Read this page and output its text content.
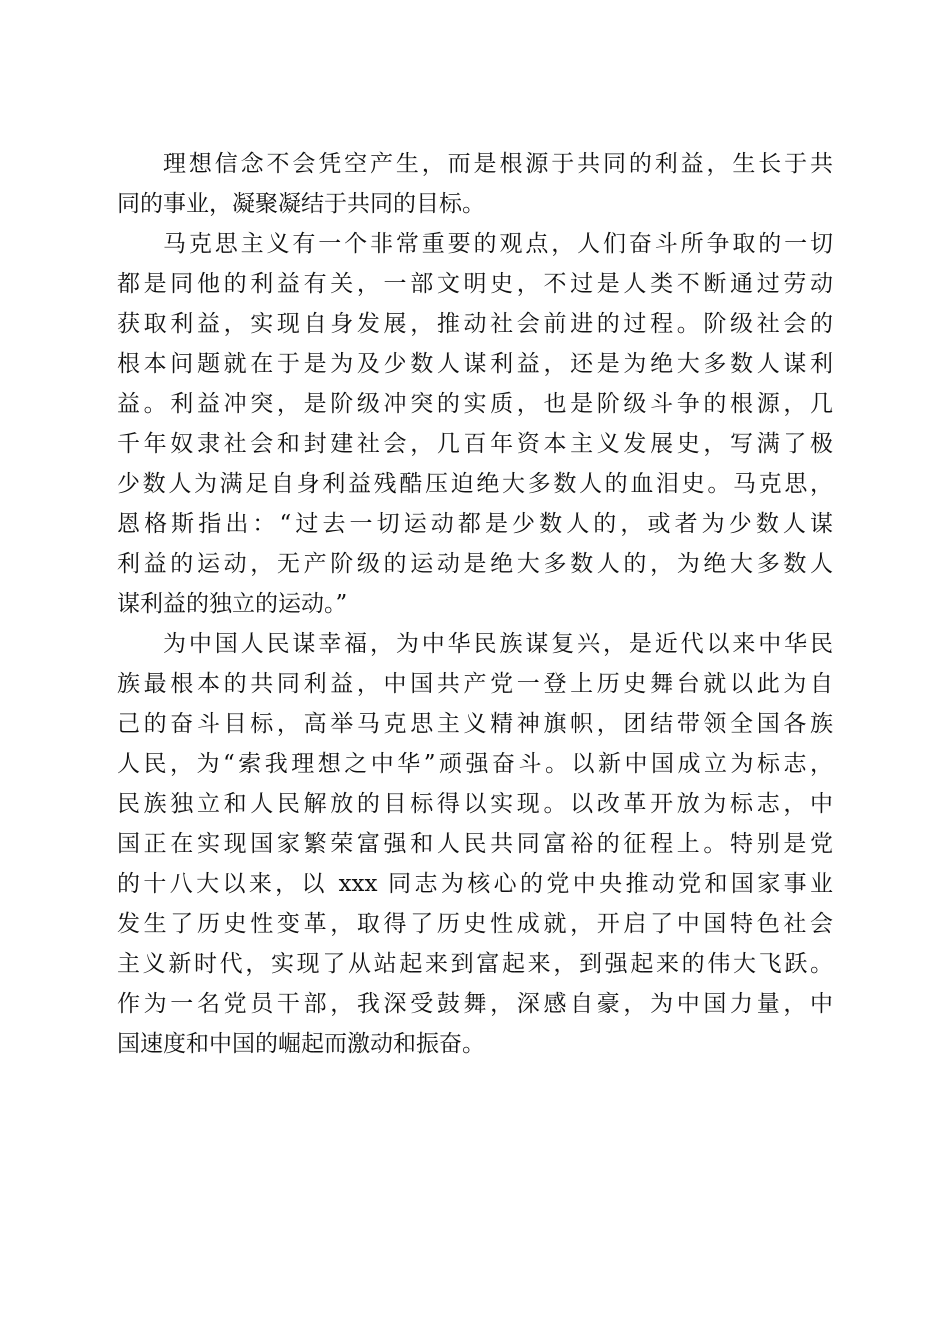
理想信念不会凭空产生，而是根源于共同的利益，生长于共
同的事业，凝聚凝结于共同的目标。
马克思主义有一个非常重要的观点，人们奋斗所争取的一切
都是同他的利益有关，一部文明史，不过是人类不断通过劳动
获取利益，实现自身发展，推动社会前进的过程。阶级社会的
根本问题就在于是为及少数人谋利益，还是为绝大多数人谋利
益。利益冲突，是阶级冲突的实质，也是阶级斗争的根源，几
千年奴隶社会和封建社会，几百年资本主义发展史，写满了极
少数人为满足自身利益残酷压迫绝大多数人的血泪史。马克思，
恩格斯指出：“过去一切运动都是少数人的，或者为少数人谋
利益的运动，无产阶级的运动是绝大多数人的，为绝大多数人
谋利益的独立的运动。”
为中国人民谋幸福，为中华民族谋复兴，是近代以来中华民
族最根本的共同利益，中国共产党一登上历史舞台就以此为自
己的奋斗目标，高举马克思主义精神旗帜，团结带领全国各族
人民，为“索我理想之中华”顽强奋斗。以新中国成立为标志，
民族独立和人民解放的目标得以实现。以改革开放为标志，中
国正在实现国家繁荣富强和人民共同富裕的征程上。特别是党
的十八大以来，以 xxx 同志为核心的党中央推动党和国家事业
发生了历史性变革，取得了历史性成就，开启了中国特色社会
主义新时代，实现了从站起来到富起来，到强起来的伟大飞跃。
作为一名党员干部，我深受鼓舞，深感自豪，为中国力量，中
国速度和中国的崛起而激动和振奋。
